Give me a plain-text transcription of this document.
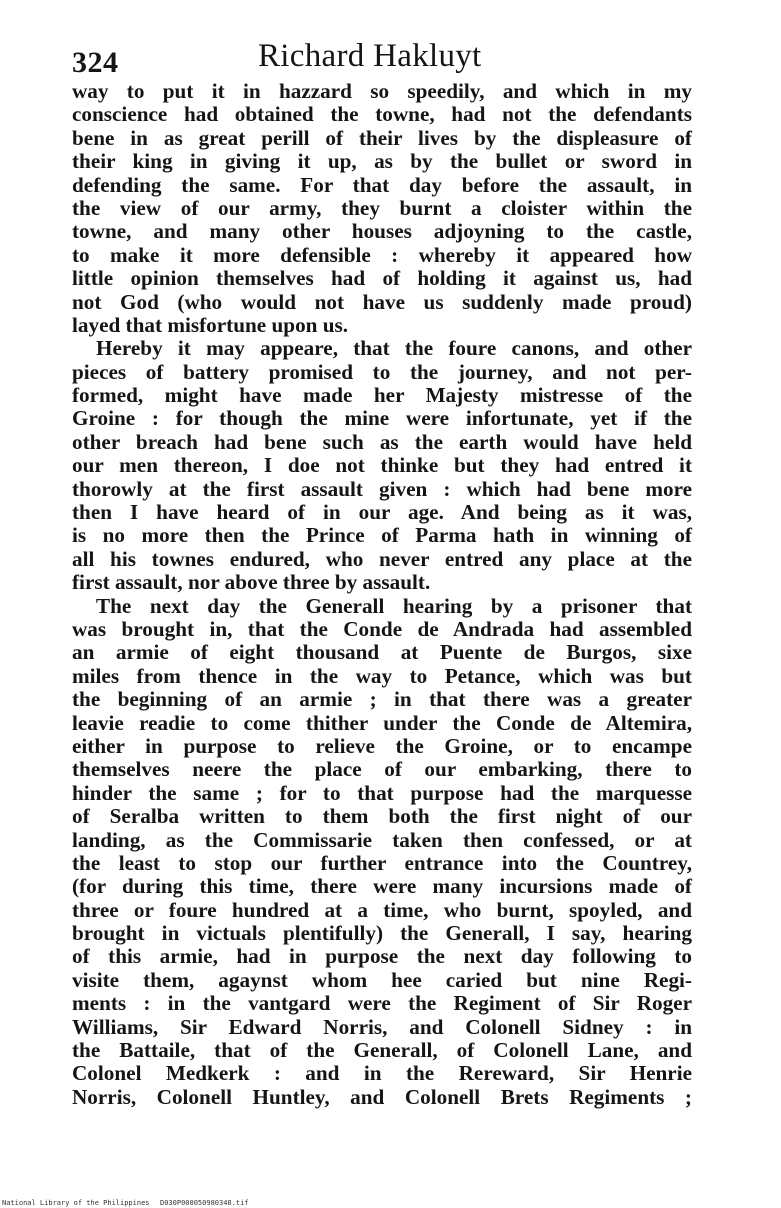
324	Richard Hakluyt
way to put it in hazzard so speedily, and which in my
conscience had obtained the towne, had not the defendants
bene in as great perill of their lives by the displeasure of
their king in giving it up, as by the bullet or sword in
defending the same. For that day before the assault, in
the view of our army, they burnt a cloister within the
towne, and many other houses adjoyning to the castle,
to make it more defensible : whereby it appeared how
little opinion themselves had of holding it against us, had
not God (who would not have us suddenly made proud)
layed that misfortune upon us.
Hereby it may appeare, that the foure canons, and other
pieces of battery promised to the journey, and not per-
formed, might have made her Majesty mistresse of the
Groine : for though the mine were infortunate, yet if the
other breach had bene such as the earth would have held
our men thereon, I doe not thinke but they had entred it
thorowly at the first assault given : which had bene more
then I have heard of in our age. And being as it was,
is no more then the Prince of Parma hath in winning of
all his townes endured, who never entred any place at the
first assault, nor above three by assault.
The next day the Generall hearing by a prisoner that
was brought in, that the Conde de Andrada had assembled
an armie of eight thousand at Puente de Burgos, sixe
miles from thence in the way to Petance, which was but
the beginning of an armie ; in that there was a greater
leavie readie to come thither under the Conde de Altemira,
either in purpose to relieve the Groine, or to encampe
themselves neere the place of our embarking, there to
hinder the same ; for to that purpose had the marquesse
of Seralba written to them both the first night of our
landing, as the Commissarie taken then confessed, or at
the least to stop our further entrance into the Countrey,
(for during this time, there were many incursions made of
three or foure hundred at a time, who burnt, spoyled, and
brought in victuals plentifully) the Generall, I say, hearing
of this armie, had in purpose the next day following to
visite them, agaynst whom hee caried but nine Regi-
ments : in the vantgard were the Regiment of Sir Roger
Williams, Sir Edward Norris, and Colonell Sidney : in
the Battaile, that of the Generall, of Colonell Lane, and
Colonel Medkerk : and in the Rereward, Sir Henrie
Norris, Colonell Huntley, and Colonell Brets Regiments ;
National Library of the Philippines D030P000050980348.tif
